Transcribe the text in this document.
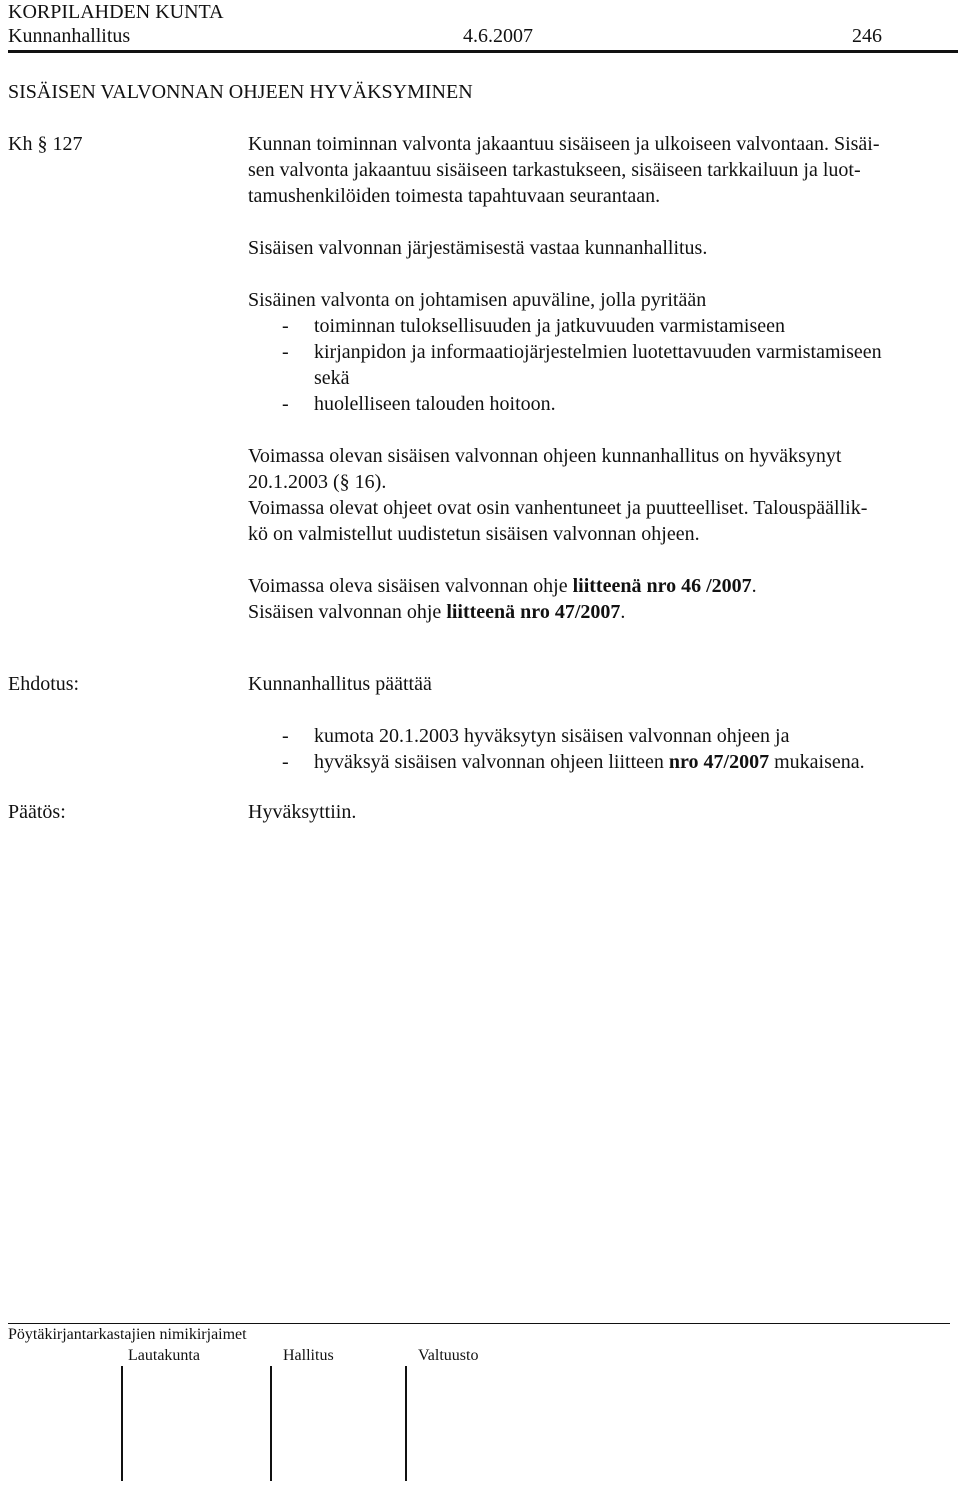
KORPILAHDEN KUNTA
Kunnanhallitus	4.6.2007	246
SISÄISEN VALVONNAN OHJEEN HYVÄKSYMINEN
Kh § 127	Kunnan toiminnan valvonta jakaantuu sisäiseen ja ulkoiseen valvontaan. Sisäi-

sen valvonta jakaantuu sisäiseen tarkastukseen, sisäiseen tarkkailuun ja luot-

tamushenkilöiden toimesta tapahtuvaan seurantaan.

Sisäisen valvonnan järjestämisestä vastaa kunnanhallitus.

Sisäinen valvonta on johtamisen apuväline, jolla pyritään

-	toiminnan tuloksellisuuden ja jatkuvuuden varmistamiseen
-	kirjanpidon ja informaatiojärjestelmien luotettavuuden varmistamiseen

sekä

-	huolelliseen talouden hoitoon.

Voimassa olevan sisäisen valvonnan ohjeen kunnanhallitus on hyväksynyt

20.1.2003 (§ 16).

Voimassa olevat ohjeet ovat osin vanhentuneet ja puutteelliset. Talouspäällik-

kö on valmistellut uudistetun sisäisen valvonnan ohjeen.

Voimassa oleva sisäisen valvonnan ohje liitteenä nro 46 /2007.

Sisäisen valvonnan ohje liitteenä nro 47/2007.

Ehdotus:	Kunnanhallitus päättää

-	kumota 20.1.2003 hyväksytyn sisäisen valvonnan ohjeen ja
-	hyväksyä sisäisen valvonnan ohjeen liitteen nro 47/2007 mukaisena.
Päätös:	Hyväksyttiin.

Pöytäkirjantarkastajien nimikirjaimet
Lautakunta	Hallitus	Valtuusto
